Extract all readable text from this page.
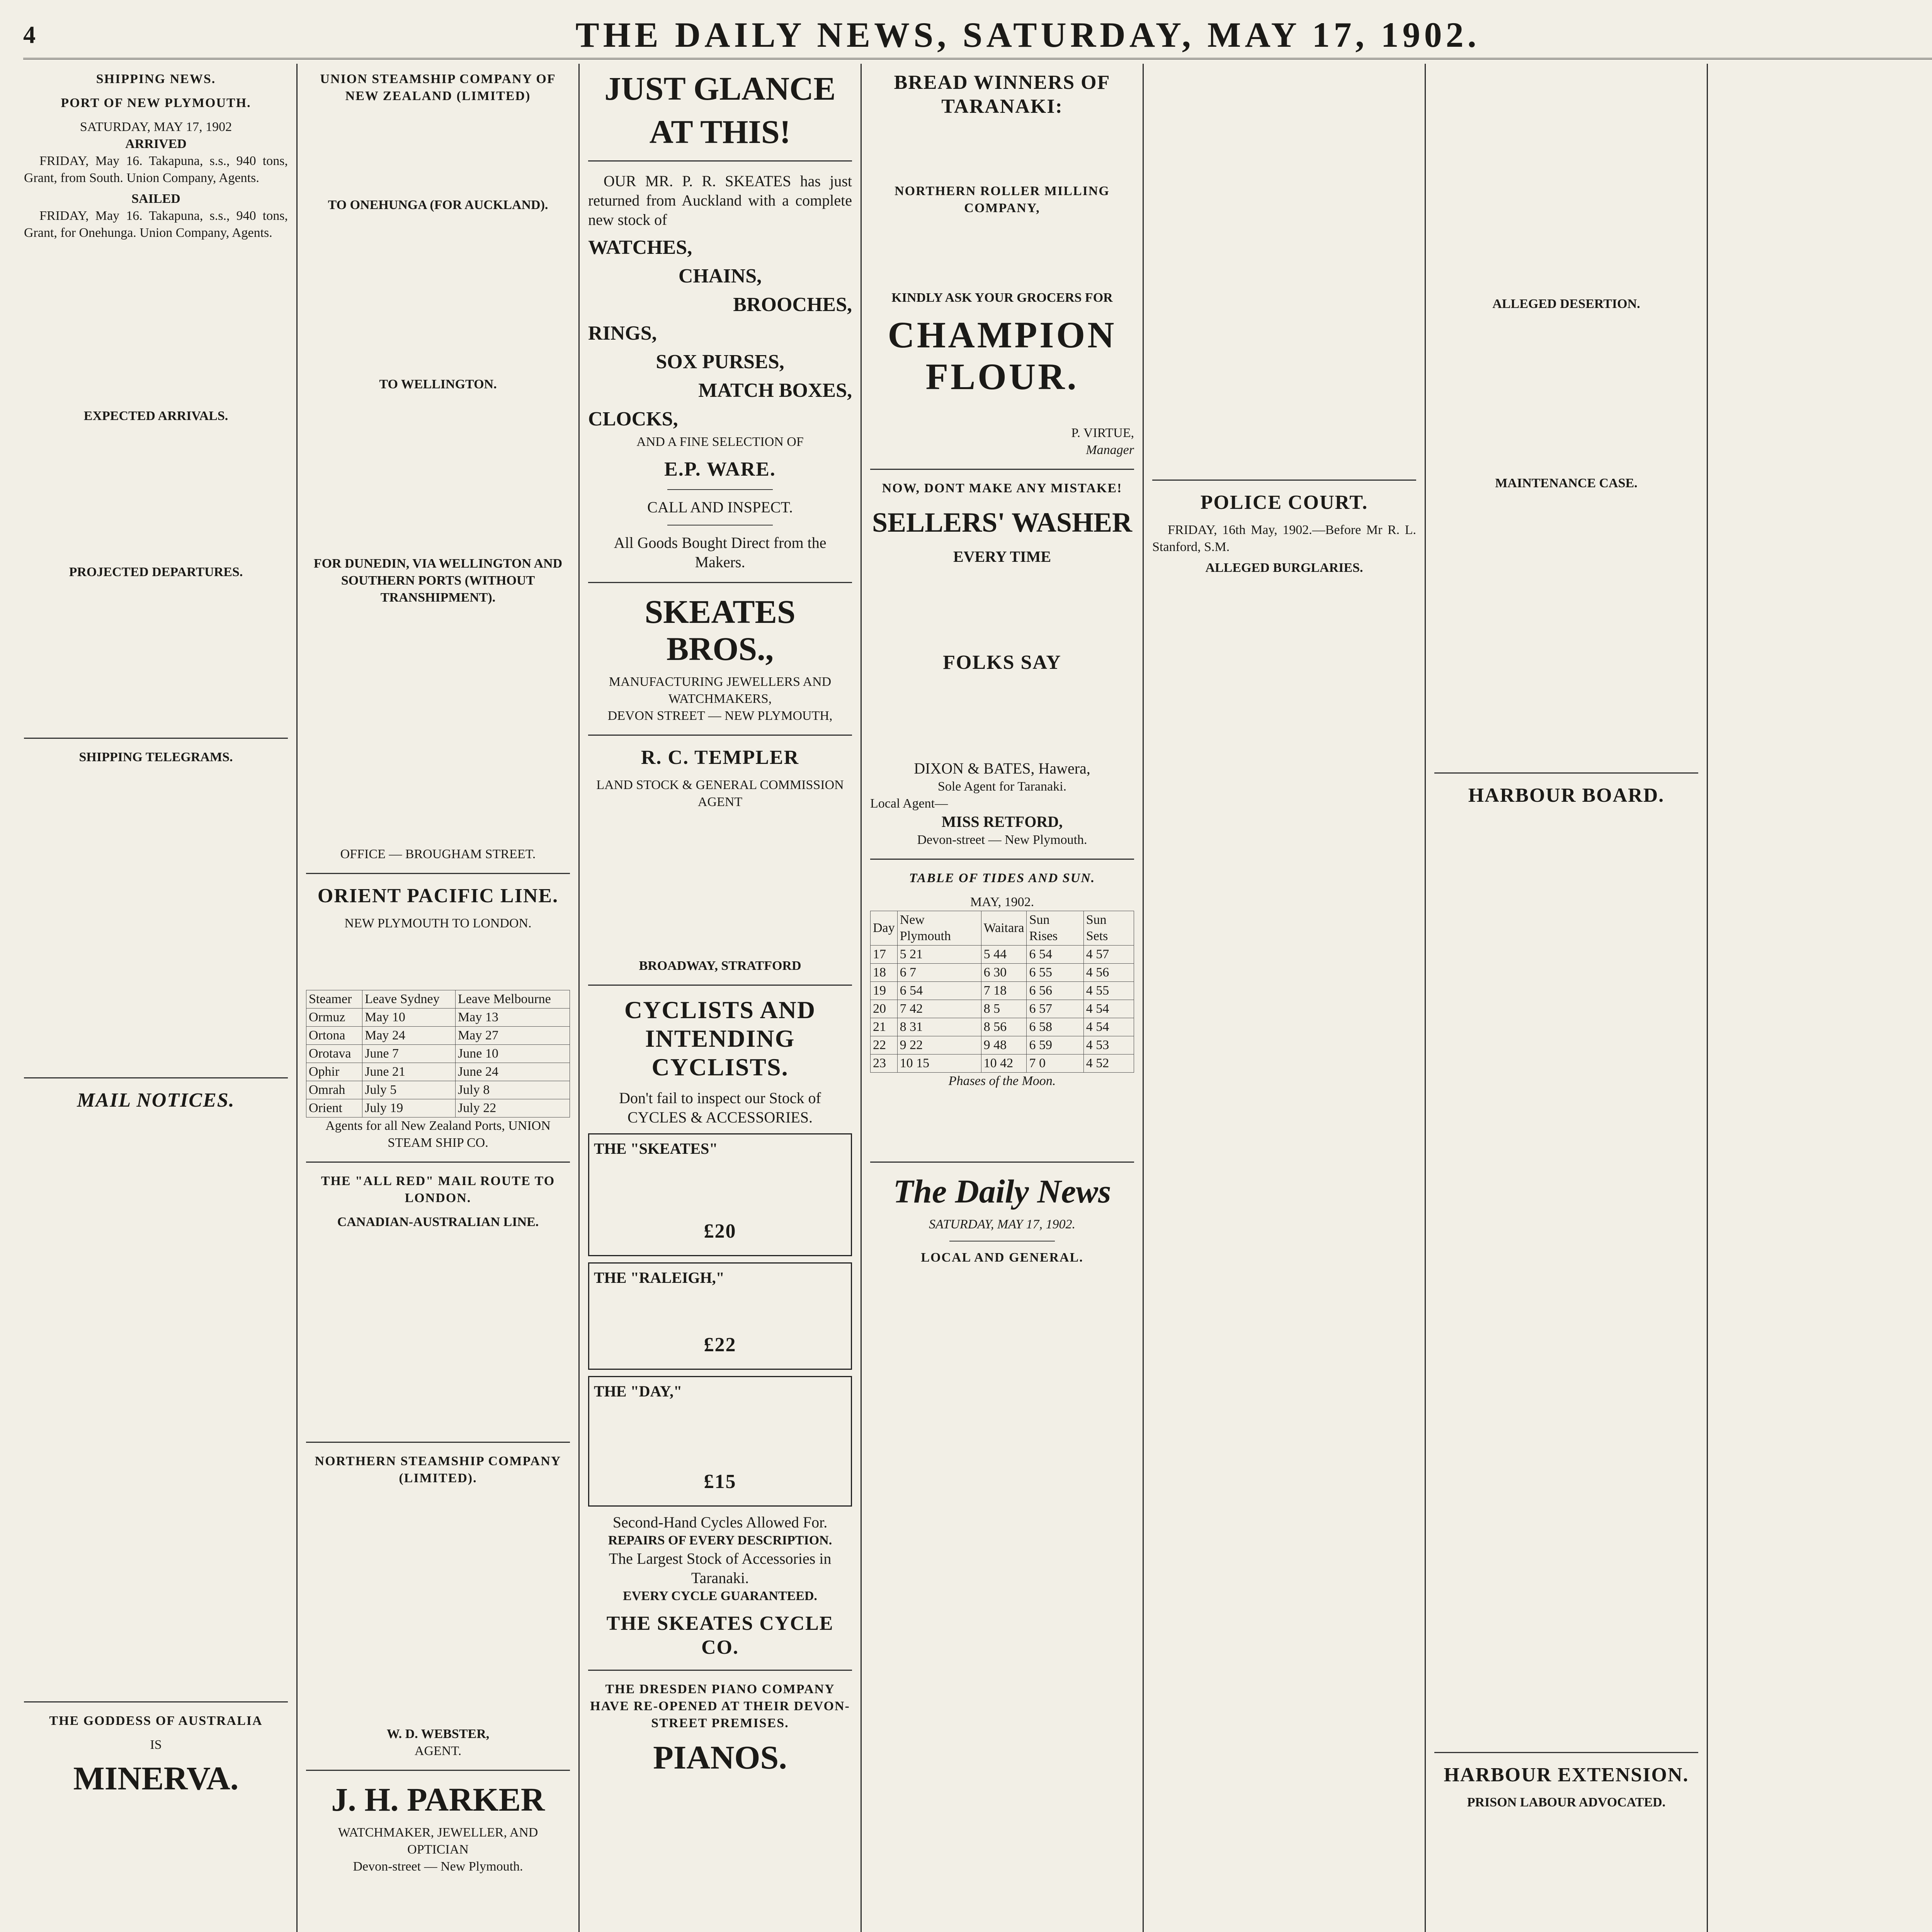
4	THE DAILY NEWS, SATURDAY, MAY 17, 1902.
SHIPPING NEWS.
PORT OF NEW PLYMOUTH.
SATURDAY, MAY 17, 1902
ARRIVED
FRIDAY, May 16. Takapuna, s.s., 940 tons, Grant, from South. Union Company, Agents.
SAILED
FRIDAY, May 16. Takapuna, s.s., 940 tons, Grant, for Onehunga. Union Company, Agents.
EXPECTED ARRIVALS.
PROJECTED DEPARTURES.
SHIPPING TELEGRAMS.
MAIL NOTICES.
THE GODDESS OF AUSTRALIA
IS
MINERVA.
UNION STEAMSHIP COMPANY OF NEW ZEALAND (LIMITED)
TO ONEHUNGA (FOR AUCKLAND).
TO WELLINGTON.
FOR DUNEDIN, VIA WELLINGTON AND SOUTHERN PORTS (WITHOUT TRANSHIPMENT).
OFFICE — BROUGHAM STREET.
ORIENT PACIFIC LINE.
NEW PLYMOUTH TO LONDON.
Steamer	Leave Sydney	Leave Melbourne
Ormuz	May 10	May 13
Ortona	May 24	May 27
Orotava	June 7	June 10
Ophir	June 21	June 24
Omrah	July 5	July 8
Orient	July 19	July 22
Agents for all New Zealand Ports, UNION STEAM SHIP CO.
THE "ALL RED" MAIL ROUTE TO LONDON.
CANADIAN-AUSTRALIAN LINE.
NORTHERN STEAMSHIP COMPANY (LIMITED).
W. D. WEBSTER,
AGENT.
J. H. PARKER
WATCHMAKER, JEWELLER, AND OPTICIAN
Devon-street — New Plymouth.
JUST GLANCE
AT THIS!
OUR MR. P. R. SKEATES has just returned from Auckland with a complete new stock of
WATCHES,
CHAINS,
BROOCHES,
RINGS,
SOX PURSES,
MATCH BOXES,
CLOCKS,
AND A FINE SELECTION OF
E.P. WARE.
CALL AND INSPECT.
All Goods Bought Direct from the Makers.
SKEATES BROS.,
MANUFACTURING JEWELLERS AND WATCHMAKERS,
DEVON STREET — NEW PLYMOUTH,
R. C. TEMPLER
LAND STOCK & GENERAL COMMISSION AGENT
BROADWAY, STRATFORD
CYCLISTS AND INTENDING CYCLISTS.
Don't fail to inspect our Stock of CYCLES & ACCESSORIES.
THE "SKEATES"
£20
THE "RALEIGH,"
£22
THE "DAY,"
£15
Second-Hand Cycles Allowed For.
REPAIRS OF EVERY DESCRIPTION.
The Largest Stock of Accessories in Taranaki.
EVERY CYCLE GUARANTEED.
THE SKEATES CYCLE CO.
THE DRESDEN PIANO COMPANY HAVE RE-OPENED AT THEIR DEVON-STREET PREMISES.
PIANOS.
BREAD WINNERS OF TARANAKI:
NORTHERN ROLLER MILLING COMPANY,
KINDLY ASK YOUR GROCERS FOR
CHAMPION FLOUR.
P. VIRTUE,
Manager
NOW, DONT MAKE ANY MISTAKE!
SELLERS' WASHER
EVERY TIME
FOLKS SAY
DIXON & BATES, Hawera,
Sole Agent for Taranaki.
Local Agent—
MISS RETFORD,
Devon-street — New Plymouth.
TABLE OF TIDES AND SUN.
MAY, 1902.
Day	New Plymouth	Waitara	Sun Rises	Sun Sets
17	5 21	5 44	6 54	4 57
18	6 7	6 30	6 55	4 56
19	6 54	7 18	6 56	4 55
20	7 42	8 5	6 57	4 54
21	8 31	8 56	6 58	4 54
22	9 22	9 48	6 59	4 53
23	10 15	10 42	7 0	4 52
Phases of the Moon.
The Daily News
SATURDAY, MAY 17, 1902.
LOCAL AND GENERAL.
POLICE COURT.
FRIDAY, 16th May, 1902.—Before Mr R. L. Stanford, S.M.
ALLEGED BURGLARIES.
ALLEGED DESERTION.
MAINTENANCE CASE.
HARBOUR BOARD.
HARBOUR EXTENSION.
PRISON LABOUR ADVOCATED.
